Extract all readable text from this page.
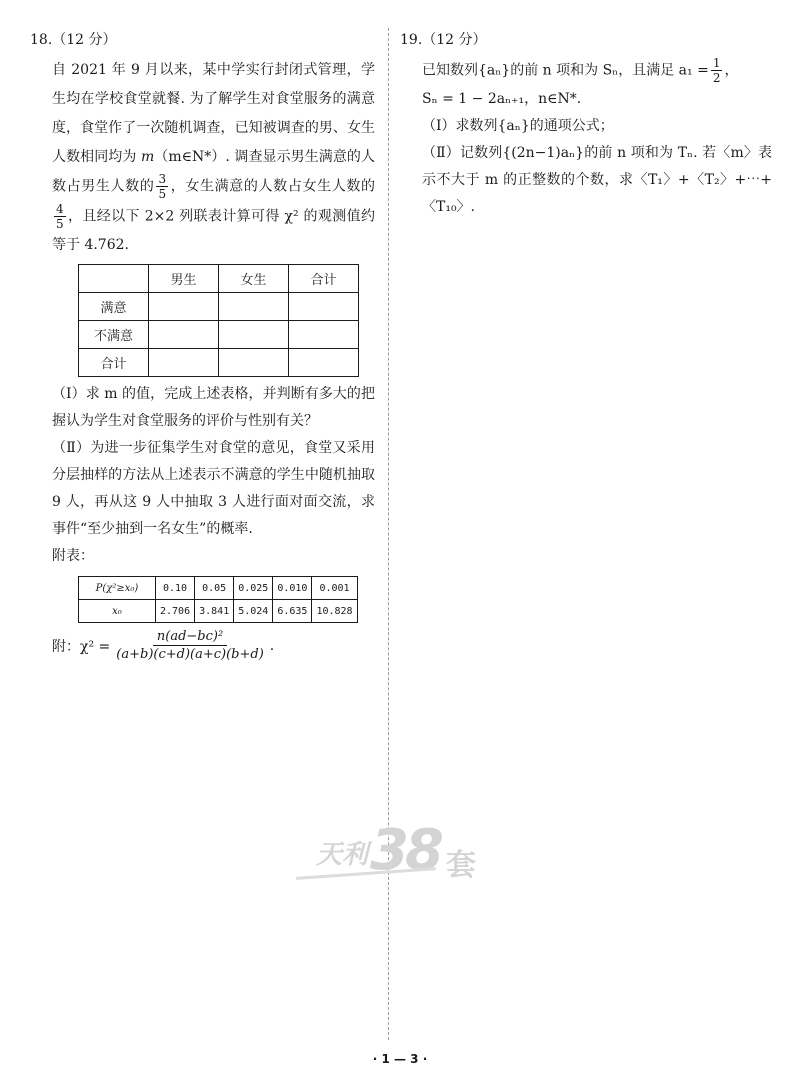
18.（12 分）
自 2021 年 9 月以来，某中学实行封闭式管理，学生均在学校食堂就餐. 为了解学生对食堂服务的满意度，食堂作了一次随机调查，已知被调查的男、女生人数相同均为 m（m∈N*）. 调查显示男生满意的人数占男生人数的 $\frac{3}{5}$ ，女生满意的人数占女生人数的
$\frac{4}{5}$ ，且经以下 2×2 列联表计算可得 χ² 的观测值约等于 4.762.
	男生	女生	合计
满意			
不满意			
合计			
（Ⅰ）求 m 的值，完成上述表格，并判断有多大的把握认为学生对食堂服务的评价与性别有关？
（Ⅱ）为进一步征集学生对食堂的意见，食堂又采用分层抽样的方法从上述表示不满意的学生中随机抽取 9 人，再从这 9 人中抽取 3 人进行面对面交流，求事件“至少抽到一名女生”的概率.
附表：
P(χ²≥x₀)	0.10	0.05	0.025	0.010	0.001
x₀	2.706	3.841	5.024	6.635	10.828
附：$\chi^2 = \frac{\text{n(ad−bc)²}}{(a+b)(c+d)(a+c)(b+d)}$ .
19.（12 分）
已知数列{aₙ}的前 n 项和为 Sₙ，且满足 $a_1 = \frac{1}{2}$ ，
Sₙ = 1 − 2aₙ₊₁，n∈N*.
（Ⅰ）求数列{aₙ}的通项公式；
（Ⅱ）记数列{(2n−1)aₙ}的前 n 项和为 Tₙ. 若〈m〉表示不大于 m 的正整数的个数，求〈T₁〉+〈T₂〉+⋯+〈T₁₀〉.
天利 38 套
· 1 — 3 ·
